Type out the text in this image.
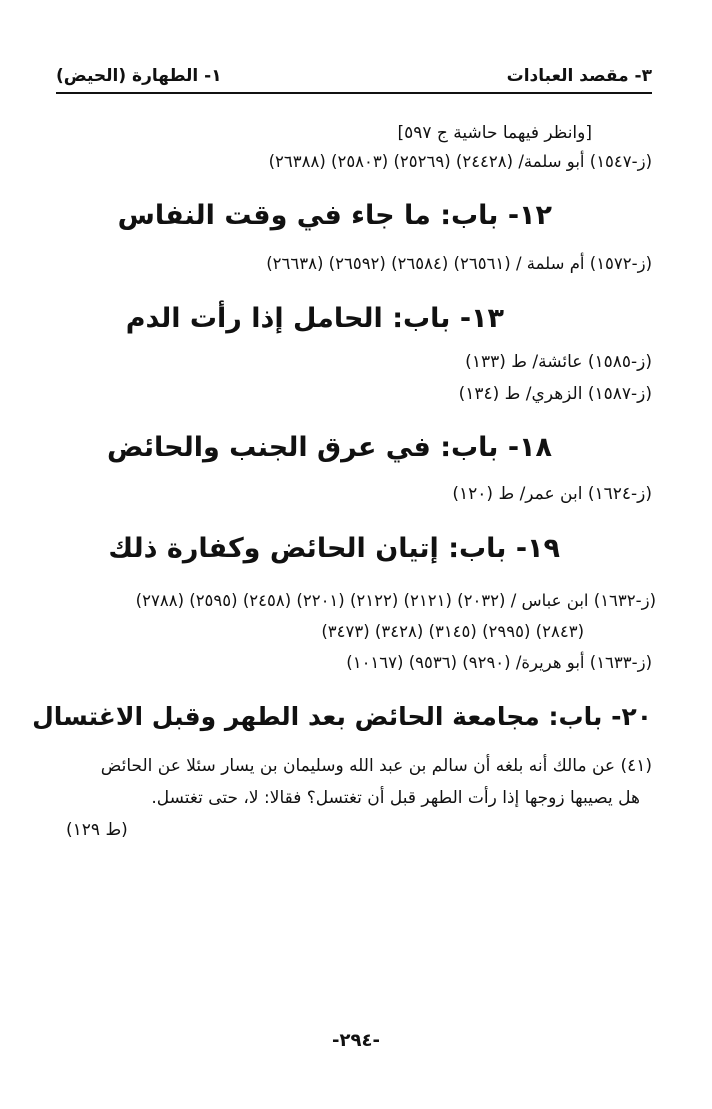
٣- مقصد العبادات
١- الطهارة (الحيض)
[وانظر فيهما حاشية ج ٥٩٧]
(ز-١٥٤٧) أبو سلمة/ (٢٤٤٢٨) (٢٥٢٦٩) (٢٥٨٠٣) (٢٦٣٨٨)
١٢- باب: ما جاء في وقت النفاس
(ز-١٥٧٢) أم سلمة / (٢٦٥٦١) (٢٦٥٨٤) (٢٦٥٩٢) (٢٦٦٣٨)
١٣- باب: الحامل إذا رأت الدم
(ز-١٥٨٥) عائشة/ ط (١٣٣)
(ز-١٥٨٧) الزهري/ ط (١٣٤)
١٨- باب: في عرق الجنب والحائض
(ز-١٦٢٤) ابن عمر/ ط (١٢٠)
١٩- باب: إتيان الحائض وكفارة ذلك
(ز-١٦٣٢) ابن عباس / (٢٠٣٢) (٢١٢١) (٢١٢٢) (٢٢٠١) (٢٤٥٨) (٢٥٩٥) (٢٧٨٨)
(٢٨٤٣) (٢٩٩٥) (٣١٤٥) (٣٤٢٨) (٣٤٧٣)
(ز-١٦٣٣) أبو هريرة/ (٩٢٩٠) (٩٥٣٦) (١٠١٦٧)
٢٠- باب: مجامعة الحائض بعد الطهر وقبل الاغتسال
(٤١) عن مالك أنه بلغه أن سالم بن عبد الله وسليمان بن يسار سئلا عن الحائض
هل يصيبها زوجها إذا رأت الطهر قبل أن تغتسل؟ فقالا: لا، حتى تغتسل.
(ط ١٢٩)
-٢٩٤-
